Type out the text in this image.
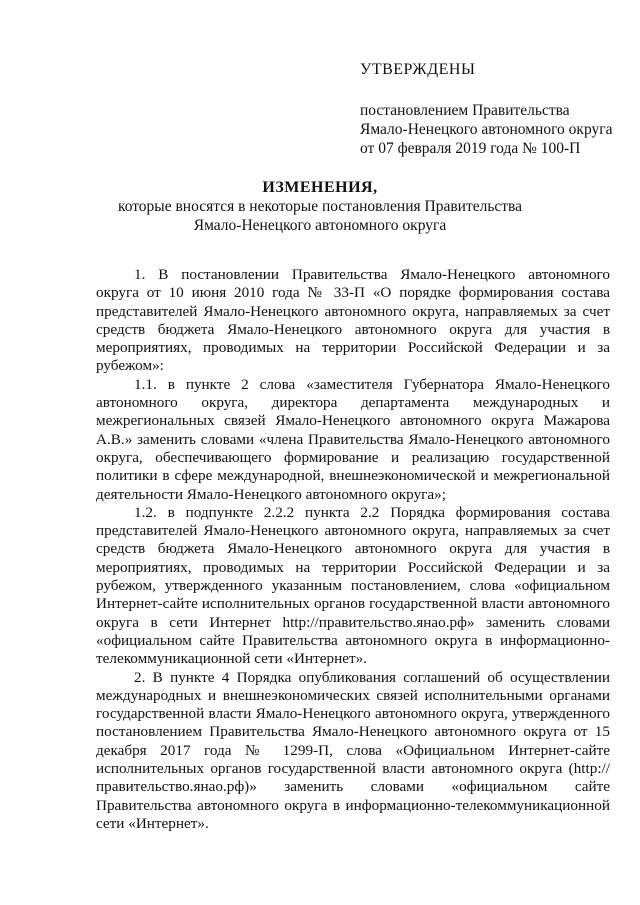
УТВЕРЖДЕНЫ
постановлением Правительства
Ямало-Ненецкого автономного округа
от 07 февраля 2019 года № 100-П
ИЗМЕНЕНИЯ,
которые вносятся в некоторые постановления Правительства
Ямало-Ненецкого автономного округа

1. В постановлении Правительства Ямало-Ненецкого автономного округа от 10 июня 2010 года № 33-П «О порядке формирования состава представителей Ямало-Ненецкого автономного округа, направляемых за счет средств бюджета Ямало-Ненецкого автономного округа для участия в мероприятиях, проводимых на территории Российской Федерации и за рубежом»:

1.1. в пункте 2 слова «заместителя Губернатора Ямало-Ненецкого автономного округа, директора департамента международных и межрегиональных связей Ямало-Ненецкого автономного округа Мажарова А.В.» заменить словами «члена Правительства Ямало-Ненецкого автономного округа, обеспечивающего формирование и реализацию государственной политики в сфере международной, внешнеэкономической и межрегиональной деятельности Ямало-Ненецкого автономного округа»;

1.2. в подпункте 2.2.2 пункта 2.2 Порядка формирования состава представителей Ямало-Ненецкого автономного округа, направляемых за счет средств бюджета Ямало-Ненецкого автономного округа для участия в мероприятиях, проводимых на территории Российской Федерации и за рубежом, утвержденного указанным постановлением, слова «официальном Интернет-сайте исполнительных органов государственной власти автономного округа в сети Интернет http://правительство.янао.рф» заменить словами «официальном сайте Правительства автономного округа в информационно-телекоммуникационной сети «Интернет».

2. В пункте 4 Порядка опубликования соглашений об осуществлении международных и внешнеэкономических связей исполнительными органами государственной власти Ямало-Ненецкого автономного округа, утвержденного постановлением Правительства Ямало-Ненецкого автономного округа от 15 декабря 2017 года № 1299-П, слова «Официальном Интернет-сайте исполнительных органов государственной власти автономного округа (http://правительство.янао.рф)» заменить словами «официальном сайте Правительства автономного округа в информационно-телекоммуникационной сети «Интернет».
